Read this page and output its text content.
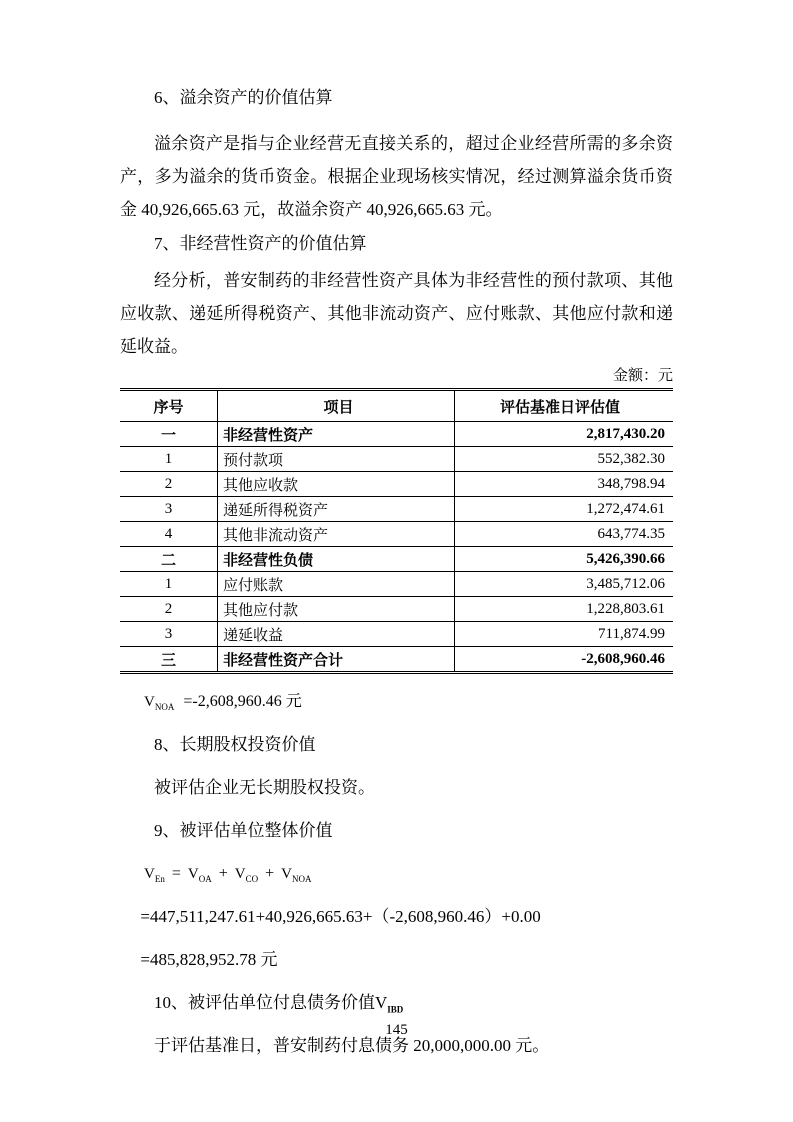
6、溢余资产的价值估算

溢余资产是指与企业经营无直接关系的，超过企业经营所需的多余资产，多为溢余的货币资金。根据企业现场核实情况，经过测算溢余货币资金 40,926,665.63 元，故溢余资产 40,926,665.63 元。

7、非经营性资产的价值估算

经分析，普安制药的非经营性资产具体为非经营性的预付款项、其他应收款、递延所得税资产、其他非流动资产、应付账款、其他应付款和递延收益。

金额：元
序号	项目	评估基准日评估值
一	非经营性资产	2,817,430.20
1	预付款项	552,382.30
2	其他应收款	348,798.94
3	递延所得税资产	1,272,474.61
4	其他非流动资产	643,774.35
二	非经营性负债	5,426,390.66
1	应付账款	3,485,712.06
2	其他应付款	1,228,803.61
3	递延收益	711,874.99
三	非经营性资产合计	-2,608,960.46
$V_{NOA} =-2,608,960.46$ 元
8、长期股权投资价值

被评估企业无长期股权投资。

9、被评估单位整体价值
$V_{En} = V_{OA} + V_{CO} + V_{NOA}$
=447,511,247.61+40,926,665.63+（-2,608,960.46）+0.00
=485,828,952.78 元
10、被评估单位付息债务价值$V_{IBD}$

于评估基准日，普安制药付息债务 20,000,000.00 元。

145
